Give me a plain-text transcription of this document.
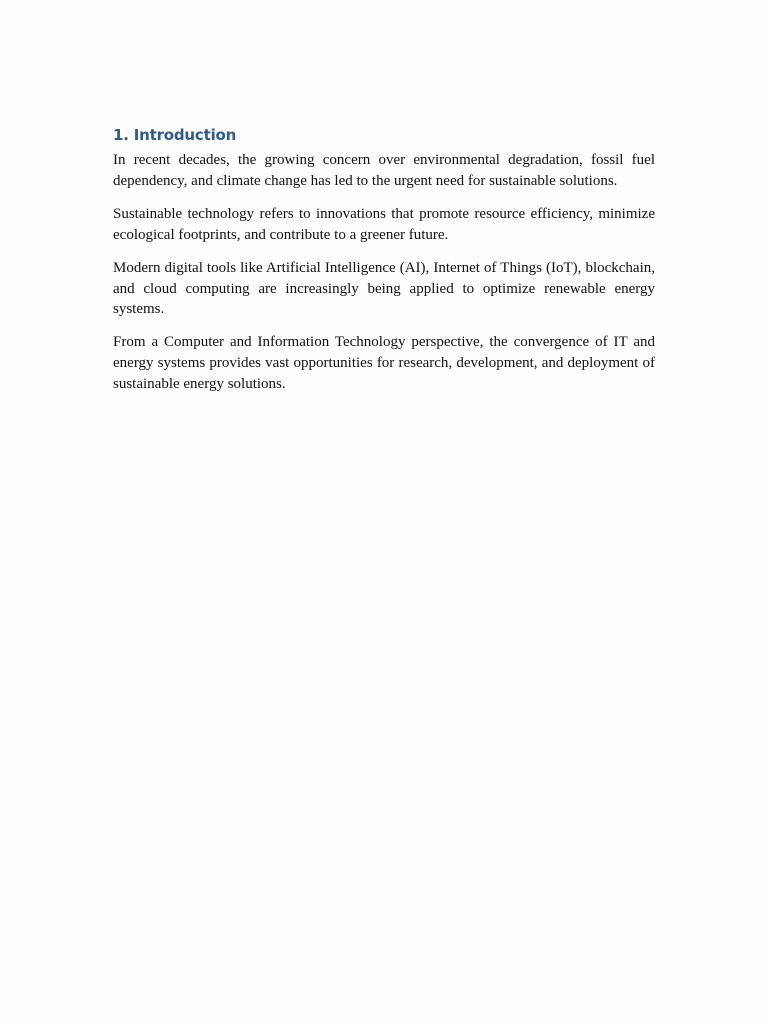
1. Introduction

In recent decades, the growing concern over environmental degradation, fossil fuel dependency, and climate change has led to the urgent need for sustainable solutions.

Sustainable technology refers to innovations that promote resource efficiency, minimize ecological footprints, and contribute to a greener future.

Modern digital tools like Artificial Intelligence (AI), Internet of Things (IoT), blockchain, and cloud computing are increasingly being applied to optimize renewable energy systems.

From a Computer and Information Technology perspective, the convergence of IT and energy systems provides vast opportunities for research, development, and deployment of sustainable energy solutions.
